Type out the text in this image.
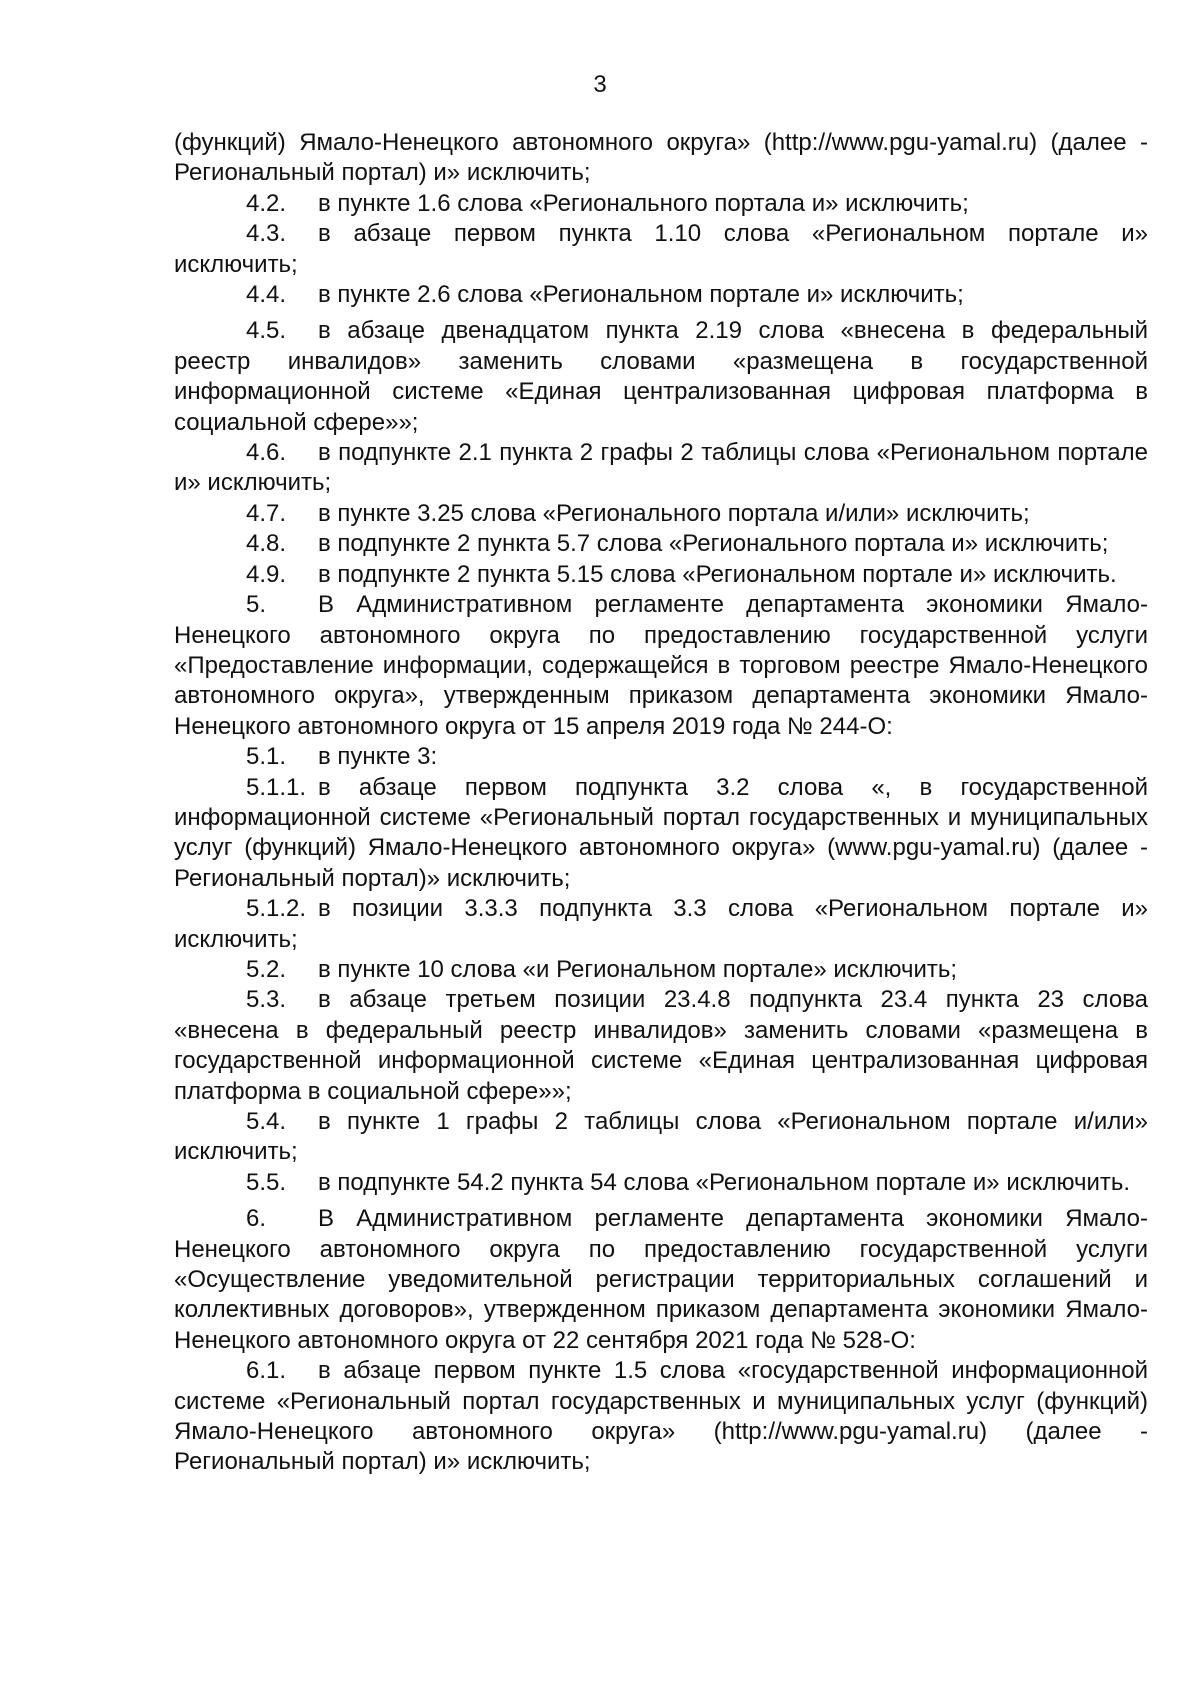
3

(функций) Ямало-Ненецкого автономного округа» (http://www.pgu-yamal.ru) (далее - Региональный портал) и» исключить;

4.2. в пункте 1.6 слова «Регионального портала и» исключить;

4.3. в абзаце первом пункта 1.10 слова «Региональном портале и» исключить;

4.4. в пункте 2.6 слова «Региональном портале и» исключить;

4.5. в абзаце двенадцатом пункта 2.19 слова «внесена в федеральный реестр инвалидов» заменить словами «размещена в государственной информационной системе «Единая централизованная цифровая платформа в социальной сфере»»;

4.6. в подпункте 2.1 пункта 2 графы 2 таблицы слова «Региональном портале и» исключить;

4.7. в пункте 3.25 слова «Регионального портала и/или» исключить;

4.8. в подпункте 2 пункта 5.7 слова «Регионального портала и» исключить;

4.9. в подпункте 2 пункта 5.15 слова «Региональном портале и» исключить.

5. В Административном регламенте департамента экономики Ямало-Ненецкого автономного округа по предоставлению государственной услуги «Предоставление информации, содержащейся в торговом реестре Ямало-Ненецкого автономного округа», утвержденным приказом департамента экономики Ямало-Ненецкого автономного округа от 15 апреля 2019 года № 244-О:

5.1. в пункте 3:

5.1.1. в абзаце первом подпункта 3.2 слова «, в государственной информационной системе «Региональный портал государственных и муниципальных услуг (функций) Ямало-Ненецкого автономного округа» (www.pgu-yamal.ru) (далее - Региональный портал)» исключить;

5.1.2. в позиции 3.3.3 подпункта 3.3 слова «Региональном портале и» исключить;

5.2. в пункте 10 слова «и Региональном портале» исключить;

5.3. в абзаце третьем позиции 23.4.8 подпункта 23.4 пункта 23 слова «внесена в федеральный реестр инвалидов» заменить словами «размещена в государственной информационной системе «Единая централизованная цифровая платформа в социальной сфере»»;

5.4. в пункте 1 графы 2 таблицы слова «Региональном портале и/или» исключить;

5.5. в подпункте 54.2 пункта 54 слова «Региональном портале и» исключить.

6. В Административном регламенте департамента экономики Ямало-Ненецкого автономного округа по предоставлению государственной услуги «Осуществление уведомительной регистрации территориальных соглашений и коллективных договоров», утвержденном приказом департамента экономики Ямало-Ненецкого автономного округа от 22 сентября 2021 года № 528-О:

6.1. в абзаце первом пункте 1.5 слова «государственной информационной системе «Региональный портал государственных и муниципальных услуг (функций) Ямало-Ненецкого автономного округа» (http://www.pgu-yamal.ru) (далее - Региональный портал) и» исключить;
